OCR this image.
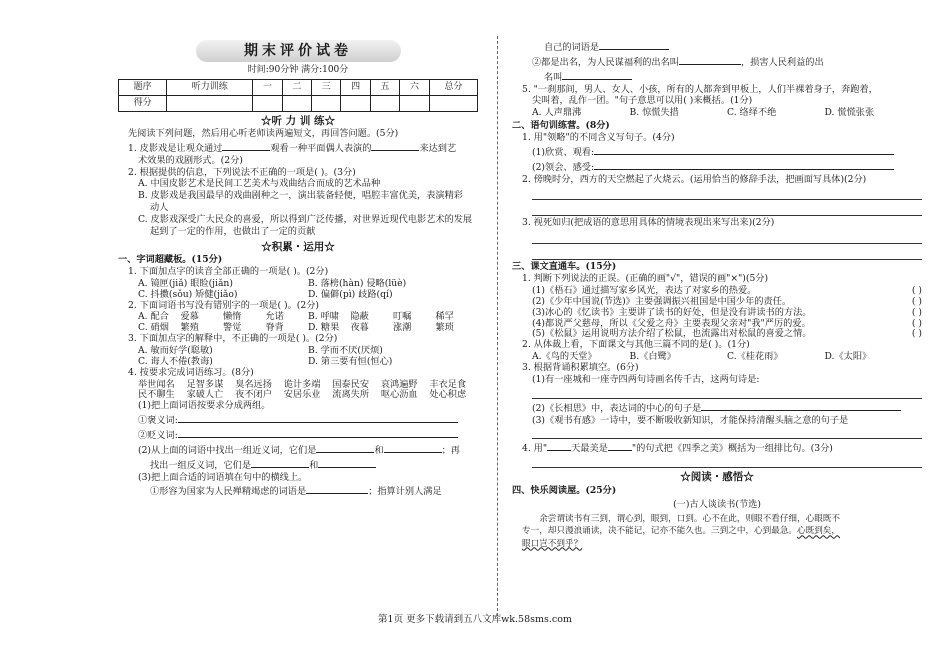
期末评价试卷
时间:90分钟 满分:100分
题序	听力训练	一	二	三	四	五	六	总分
得分								
☆听 力 训 练☆

先阅读下列问题，然后用心听老师读两遍短文，再回答问题。(5分)

1. 皮影戏是让观众通过	观看一种平面偶人表演的	来达到艺

术效果的戏剧形式。(2分)

2. 根据提供的信息，下列说法不正确的一项是( )。(3分)

A. 中国皮影艺术是民间工艺美术与戏曲结合而成的艺术品种

B. 皮影戏是我国最早的戏曲剧种之一，演出装备轻便，唱腔丰富优美，表演精彩

动人

C. 皮影戏深受广大民众的喜爱，所以得到广泛传播，对世界近现代电影艺术的发展

起到了一定的作用，也做出了一定的贡献

☆积累・运用☆

一、字词超藏板。(15分)

1. 下面加点字的读音全部正确的一项是( )。(2分)

A. 镜匣(jiǎ) 眼睑(jiǎn)	B. 落榜(hàn) 侵略(lüè)
C. 抖擞(sǒu) 矫健(jiǎo)	D. 偏僻(pì) 歧路(qí)

2. 下面词语书写没有错别字的一项是( )。(2分)

A. 配合	爱慕	懒惰	允诺	B. 呼啸	隐蔽	叮嘱	稀罕
C. 硝烟	繁殖	警觉	脊背	D. 糖果	夜暮	涨潮	繁琐

3. 下面加点字的解释中，不正确的一项是( )。(2分)

A. 敏而好学(聪敏)	B. 学而不厌(厌烦)
C. 诲人不倦(教诲)	D. 第三要有恒(恒心)

4. 按要求完成词语练习。(8分)

举世闻名	足智多谋	臭名远扬	诡计多端	国泰民安	哀鸿遍野	丰衣足食
民不聊生	家破人亡	夜不闭户	安居乐业	流离失所	呕心沥血	处心积虑

(1)把上面词语按要求分成两组。

①褒义词:

②贬义词:

(2)从上面的词语中找出一组近义词，它们是	和	；再

找出一组反义词，它们是	和

(3)把上面合适的词语填在句中的横线上。

①形容为国家为人民殚精竭虑的词语是	；指算计别人满足

自己的词语是

②都是出名，为人民谋福利的出名叫	，损害人民利益的出

名叫

5. "一刹那间，男人、女人、小孩，所有的人都奔到甲板上，人们半裸着身子，奔跑着，

尖叫着，乱作一团。"句子意思可以用( )来概括。(1分)

A. 人声鼎沸	B. 惊慌失措	C. 络绎不绝	D. 慌慌张张

二、语句训练营。(8分)

1. 用"领略"的不同含义写句子。(4分)

(1)欣赏、观看:

(2)领会、感受:

2. 傍晚时分，西方的天空燃起了火烧云。(运用恰当的修辞手法，把画面写具体)(2分)

3. 视死如归(把成语的意思用具体的情境表现出来写出来)(2分)

三、课文直通车。(15分)

1. 判断下列说法的正误。(正确的画"√"，错误的画"×")(5分)

(1)《梧石》通过描写家乡风光，表达了对家乡的热爱。	( )
(2)《少年中国说(节选)》主要强调振兴祖国是中国少年的责任。	( )
(3)冰心的《忆读书》主要讲了读书的好处，但是没有讲读书的方法。	( )
(4)都说严父慈母，所以《父爱之舟》主要表现父亲对"我"严厉的爱。	( )
(5)《松鼠》运用说明方法介绍了松鼠，也流露出对松鼠的喜爱之情。	( )

2. 从体裁上看，下面课文与其他三篇不同的是( )。(1分)

A.《鸟的天堂》	B.《白鹭》	C.《桂花雨》	D.《太阳》

3. 根据背诵积累填空。(6分)

(1)有一座城和一座寺四两句诗画名传千古，这两句诗是:

(2)《长相思》中，表达词的中心的句子是

(3)《观书有感》一诗中，要不断吸收新知识，才能保持清醒头脑之意的句子是

4. 用"	天最美是	"的句式把《四季之美》概括为一组排比句。(3分)

☆阅读・感悟☆

四、快乐阅读屋。(25分)

(一)古人谈读书(节选)
余尝谓读书有三到，谓心到，眼到，口到。心不在此，则眼不看仔细，心眼既不
专一，却只漫浪诵读，决不能记，记亦不能久也。三到之中，心到最急。心既到矣，
眼口岂不到乎？
第1页 更多下载请到五八文库wk.58sms.com
